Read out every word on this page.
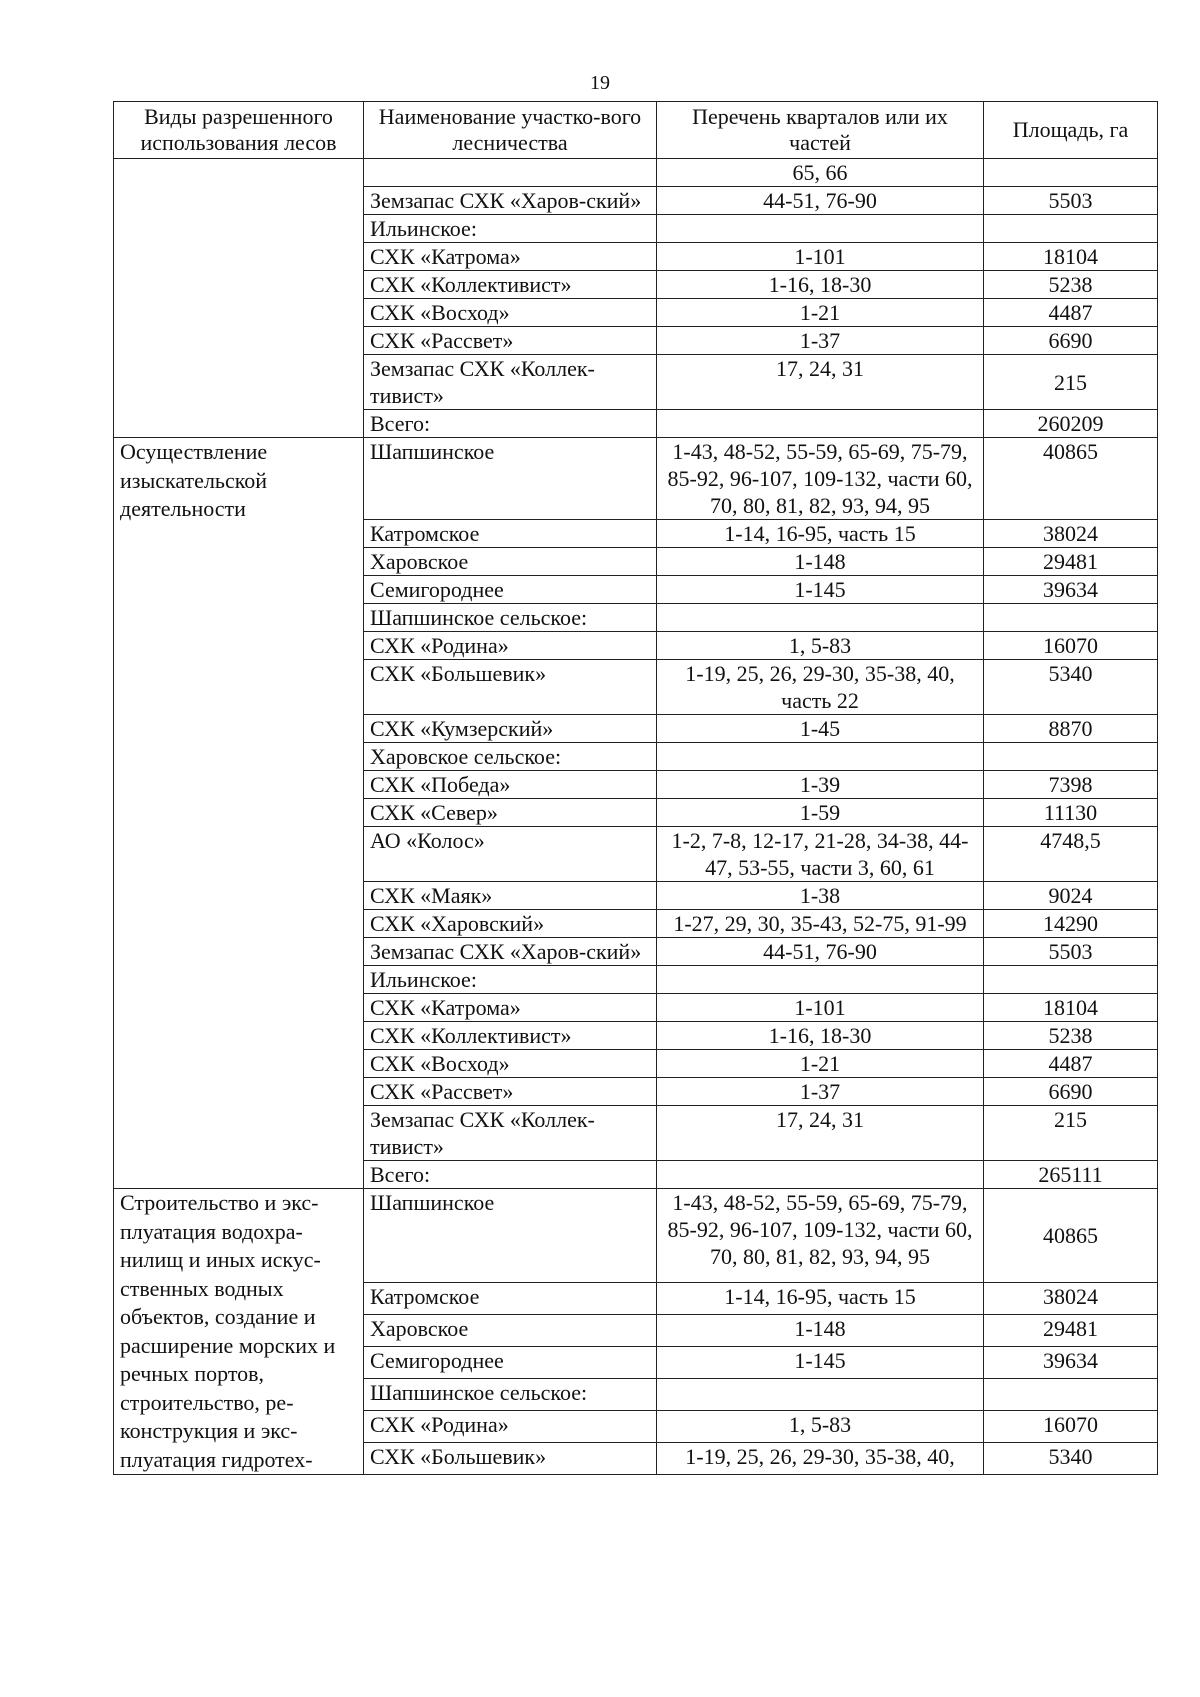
19
Виды разрешенного использования лесов	Наименование участко-вого лесничества	Перечень кварталов или их частей	Площадь, га
		65, 66	
	Земзапас СХК «Харов-ский»	44-51, 76-90	5503
	Ильинское:		
	СХК «Катрома»	1-101	18104
	СХК «Коллективист»	1-16, 18-30	5238
	СХК «Восход»	1-21	4487
	СХК «Рассвет»	1-37	6690
	Земзапас СХК «Коллек-тивист»	17, 24, 31	215
	Всего:		260209
Осуществление изыскательской деятельности	Шапшинское	1-43, 48-52, 55-59, 65-69, 75-79, 85-92, 96-107, 109-132, части 60, 70, 80, 81, 82, 93, 94, 95	40865
	Катромское	1-14, 16-95, часть 15	38024
	Харовское	1-148	29481
	Семигороднее	1-145	39634
	Шапшинское сельское:		
	СХК «Родина»	1, 5-83	16070
	СХК «Большевик»	1-19, 25, 26, 29-30, 35-38, 40, часть 22	5340
	СХК «Кумзерский»	1-45	8870
	Харовское сельское:		
	СХК «Победа»	1-39	7398
	СХК «Север»	1-59	11130
	АО «Колос»	1-2, 7-8, 12-17, 21-28, 34-38, 44-47, 53-55, части 3, 60, 61	4748,5
	СХК «Маяк»	1-38	9024
	СХК «Харовский»	1-27, 29, 30, 35-43, 52-75, 91-99	14290
	Земзапас СХК «Харов-ский»	44-51, 76-90	5503
	Ильинское:		
	СХК «Катрома»	1-101	18104
	СХК «Коллективист»	1-16, 18-30	5238
	СХК «Восход»	1-21	4487
	СХК «Рассвет»	1-37	6690
	Земзапас СХК «Коллек-тивист»	17, 24, 31	215
	Всего:		265111
Строительство и экс-плуатация водохра-нилищ и иных искус-ственных водных объектов, создание и расширение морских и речных портов, строительство, ре-конструкция и экс-плуатация гидротех-	Шапшинское	1-43, 48-52, 55-59, 65-69, 75-79, 85-92, 96-107, 109-132, части 60, 70, 80, 81, 82, 93, 94, 95	40865
	Катромское	1-14, 16-95, часть 15	38024
	Харовское	1-148	29481
	Семигороднее	1-145	39634
	Шапшинское сельское:		
	СХК «Родина»	1, 5-83	16070
	СХК «Большевик»	1-19, 25, 26, 29-30, 35-38, 40,	5340
